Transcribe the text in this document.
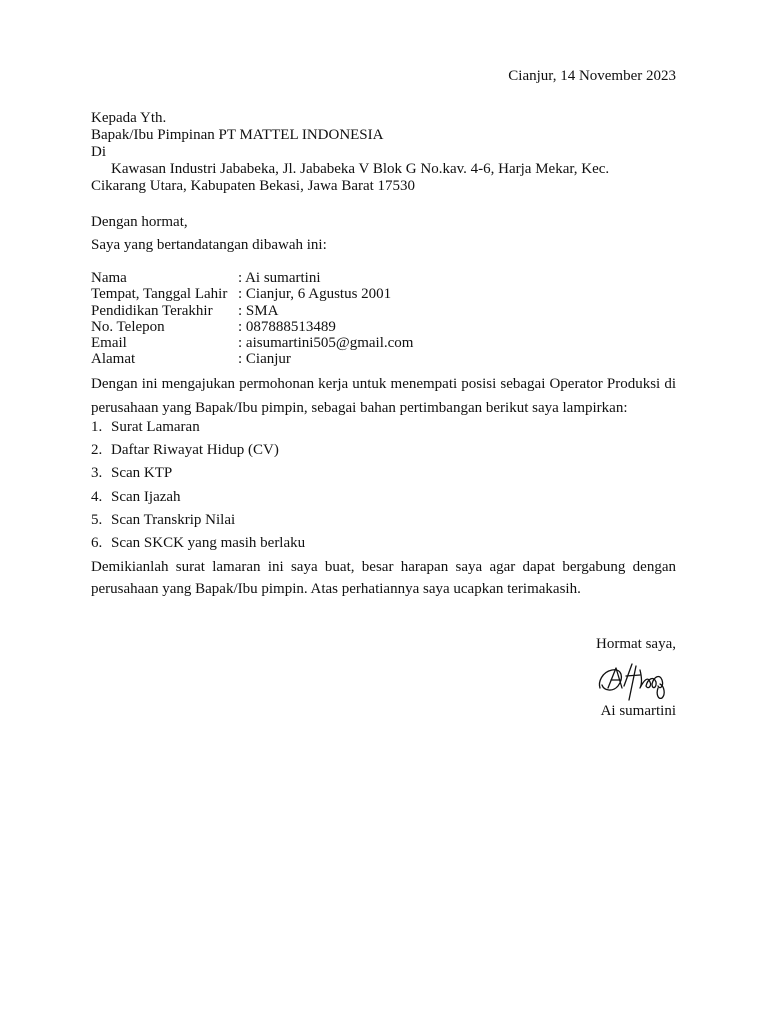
Cianjur, 14 November 2023
Kepada Yth.
Bapak/Ibu Pimpinan PT MATTEL INDONESIA
Di
Kawasan Industri Jababeka, Jl. Jababeka V Blok G No.kav. 4-6, Harja Mekar, Kec.
Cikarang Utara, Kabupaten Bekasi, Jawa Barat 17530
Dengan hormat,
Saya yang bertandatangan dibawah ini:
Nama	: Ai sumartini
Tempat, Tanggal Lahir : Cianjur, 6 Agustus 2001
Pendidikan Terakhir	: SMA
No. Telepon	: 087888513489
Email	: aisumartini505@gmail.com
Alamat	: Cianjur
Dengan ini mengajukan permohonan kerja untuk menempati posisi sebagai Operator Produksi di perusahaan yang Bapak/Ibu pimpin, sebagai bahan pertimbangan berikut saya lampirkan:
1. Surat Lamaran
2. Daftar Riwayat Hidup (CV)
3. Scan KTP
4. Scan Ijazah
5. Scan Transkrip Nilai
6. Scan SKCK yang masih berlaku
Demikianlah surat lamaran ini saya buat, besar harapan saya agar dapat bergabung dengan perusahaan yang Bapak/Ibu pimpin. Atas perhatiannya saya ucapkan terimakasih.
Hormat saya,
Ai sumartini
